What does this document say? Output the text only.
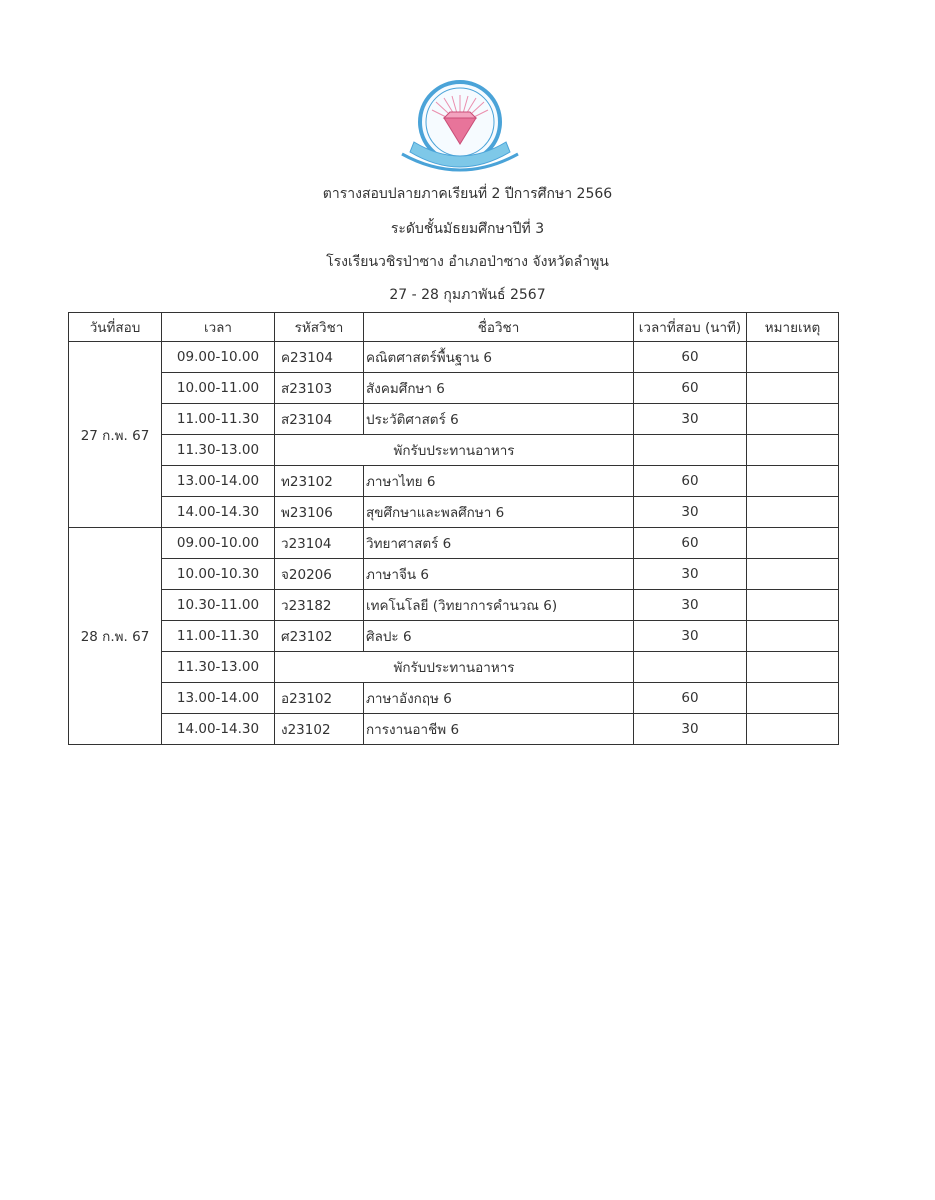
ตารางสอบปลายภาคเรียนที่ 2 ปีการศึกษา 2566
ระดับชั้นมัธยมศึกษาปีที่ 3
โรงเรียนวชิรป่าซาง อำเภอป่าซาง จังหวัดลำพูน
27 - 28 กุมภาพันธ์ 2567
วันที่สอบ	เวลา	รหัสวิชา	ชื่อวิชา	เวลาที่สอบ (นาที)	หมายเหตุ
27 ก.พ. 67	09.00-10.00	ค23104	คณิตศาสตร์พื้นฐาน 6	60	
	10.00-11.00	ส23103	สังคมศึกษา 6	60	
	11.00-11.30	ส23104	ประวัติศาสตร์ 6	30	
	11.30-13.00	พักรับประทานอาหาร			
	13.00-14.00	ท23102	ภาษาไทย 6	60	
	14.00-14.30	พ23106	สุขศึกษาและพลศึกษา 6	30	
28 ก.พ. 67	09.00-10.00	ว23104	วิทยาศาสตร์ 6	60	
	10.00-10.30	จ20206	ภาษาจีน 6	30	
	10.30-11.00	ว23182	เทคโนโลยี (วิทยาการคำนวณ 6)	30	
	11.00-11.30	ศ23102	ศิลปะ 6	30	
	11.30-13.00	พักรับประทานอาหาร			
	13.00-14.00	อ23102	ภาษาอังกฤษ 6	60	
	14.00-14.30	ง23102	การงานอาชีพ 6	30	
